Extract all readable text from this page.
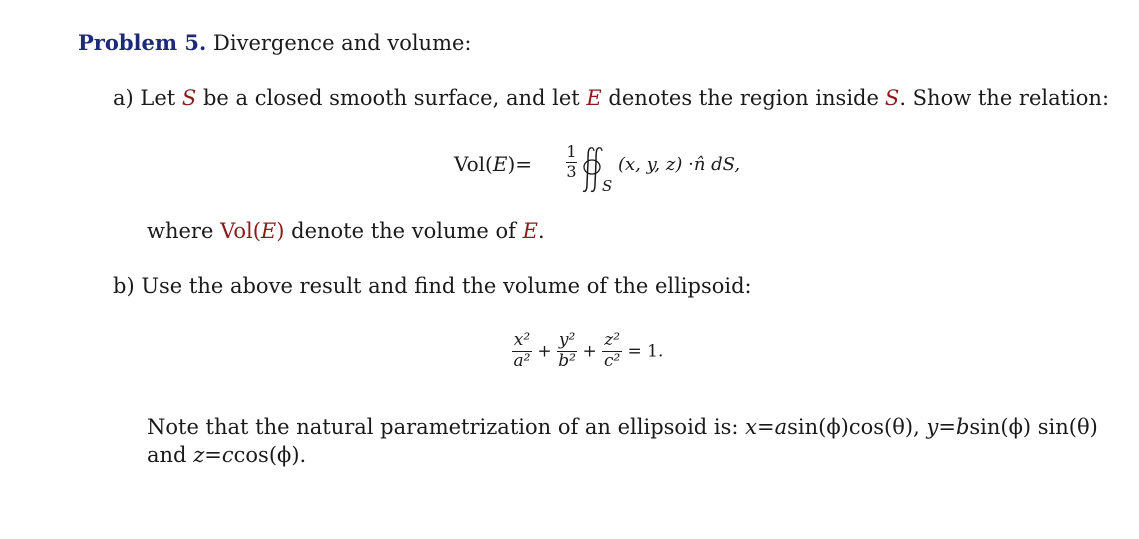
Problem 5. Divergence and volume:
a) Let S be a closed smooth surface, and let E denotes the region inside S. Show the relation:
Vol(E)=
1
3
S
(x, y, z) ·n̂ dS,
where Vol(E) denote the volume of E.
b) Use the above result and find the volume of the ellipsoid:
$\frac{\text{x²}}{\text{a²}} + \frac{\text{y²}}{\text{b²}} + \frac{\text{z²}}{\text{c²}} = 1$.
Note that the natural parametrization of an ellipsoid is: x=asin(ϕ)cos(θ), y=bsin(ϕ) sin(θ)
and z=ccos(ϕ).
